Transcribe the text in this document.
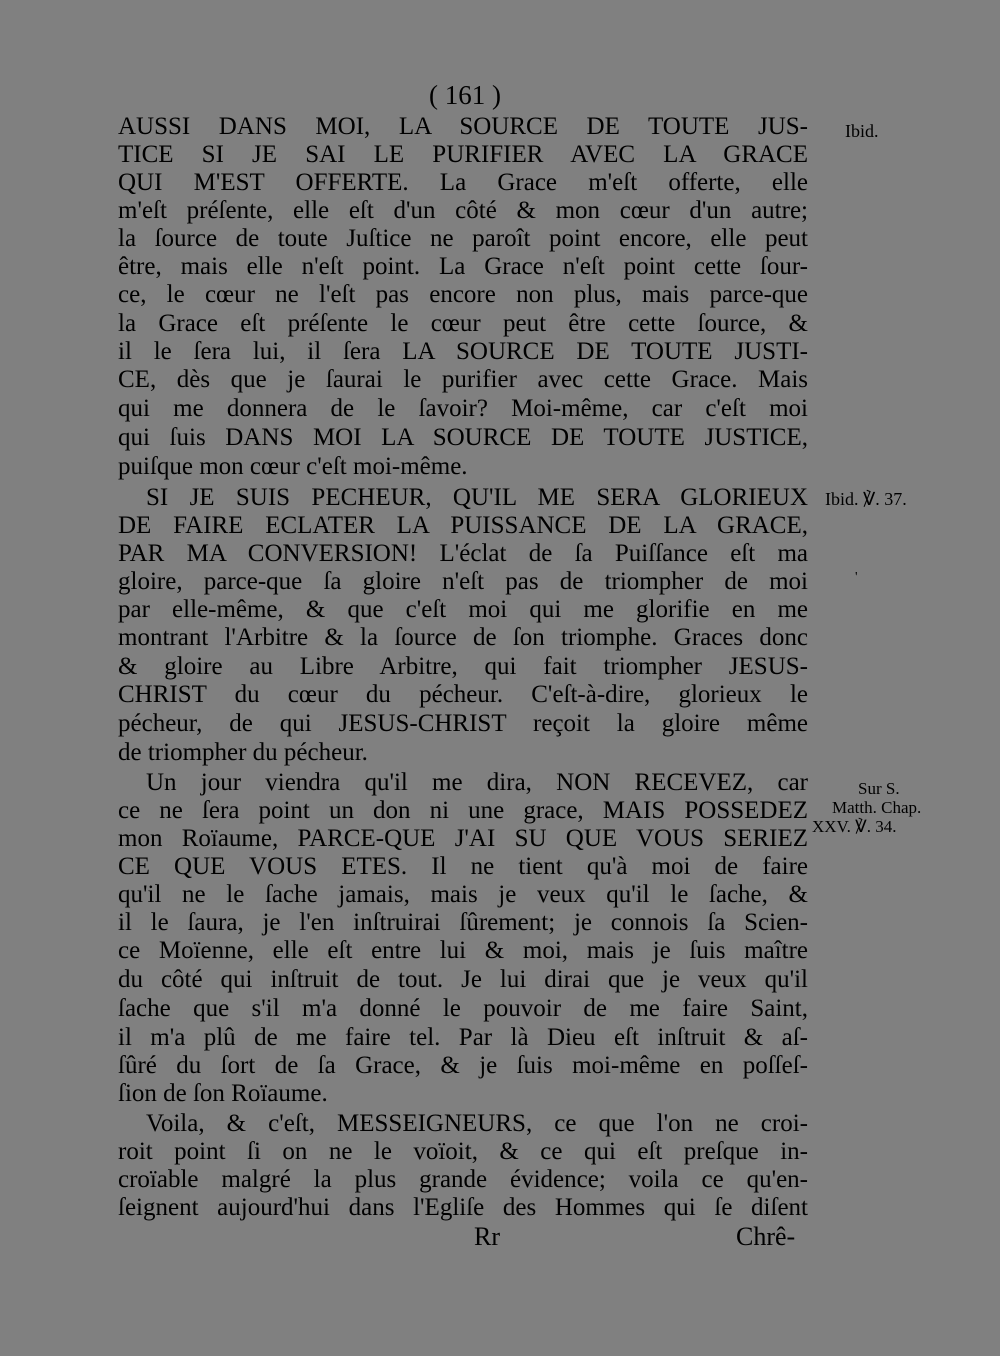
( 161 )
AUSSI DANS MOI, LA SOURCE DE TOUTE JUS-
TICE SI JE SAI LE PURIFIER AVEC LA GRACE
QUI M'EST OFFERTE. La Grace m'eſt offerte, elle
m'eſt préſente, elle eſt d'un côté & mon cœur d'un autre;
la ſource de toute Juſtice ne paroît point encore, elle peut
être, mais elle n'eſt point. La Grace n'eſt point cette ſour-
ce, le cœur ne l'eſt pas encore non plus, mais parce-que
la Grace eſt préſente le cœur peut être cette ſource, &
il le ſera lui, il ſera LA SOURCE DE TOUTE JUSTI-
CE, dès que je ſaurai le purifier avec cette Grace. Mais
qui me donnera de le ſavoir? Moi-même, car c'eſt moi
qui ſuis DANS MOI LA SOURCE DE TOUTE JUSTICE,
puiſque mon cœur c'eſt moi-même.
SI JE SUIS PECHEUR, QU'IL ME SERA GLORIEUX
DE FAIRE ECLATER LA PUISSANCE DE LA GRACE,
PAR MA CONVERSION! L'éclat de ſa Puiſſance eſt ma
gloire, parce-que ſa gloire n'eſt pas de triompher de moi
par elle-même, & que c'eſt moi qui me glorifie en me
montrant l'Arbitre & la ſource de ſon triomphe. Graces donc
& gloire au Libre Arbitre, qui fait triompher JESUS-
CHRIST du cœur du pécheur. C'eſt-à-dire, glorieux le
pécheur, de qui JESUS-CHRIST reçoit la gloire même
de triompher du pécheur.
Un jour viendra qu'il me dira, NON RECEVEZ, car
ce ne ſera point un don ni une grace, MAIS POSSEDEZ
mon Roïaume, PARCE-QUE J'AI SU QUE VOUS SERIEZ
CE QUE VOUS ETES. Il ne tient qu'à moi de faire
qu'il ne le ſache jamais, mais je veux qu'il le ſache, &
il le ſaura, je l'en inſtruirai ſûrement; je connois ſa Scien-
ce Moïenne, elle eſt entre lui & moi, mais je ſuis maître
du côté qui inſtruit de tout. Je lui dirai que je veux qu'il
ſache que s'il m'a donné le pouvoir de me faire Saint,
il m'a plû de me faire tel. Par là Dieu eſt inſtruit & aſ-
ſûré du ſort de ſa Grace, & je ſuis moi-même en poſſeſ-
ſion de ſon Roïaume.
Voila, & c'eſt, MESSEIGNEURS, ce que l'on ne croi-
roit point ſi on ne le voïoit, & ce qui eſt preſque in-
croïable malgré la plus grande évidence; voila ce qu'en-
ſeignent aujourd'hui dans l'Egliſe des Hommes qui ſe diſent
Ibid.
Ibid. ℣. 37.
'
Sur S.
Matth. Chap.
XXV. ℣. 34.
Rr	Chrê-
